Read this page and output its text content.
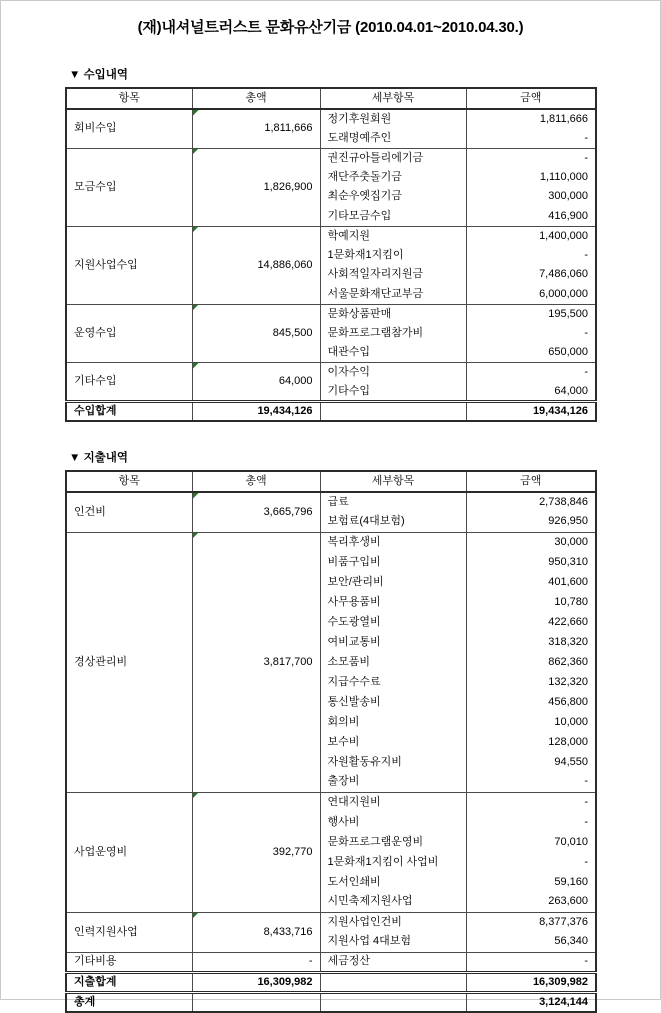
(재)내셔널트러스트 문화유산기금 (2010.04.01~2010.04.30.)
▼ 수입내역
항목	총액	세부항목	금액
회비수입	1,811,666	정기후원회원	1,811,666
		도래명예주인	-
모금수입	1,826,900	권진규아틀리에기금	-
		재단주춧돌기금	1,110,000
		최순우옛집기금	300,000
		기타모금수입	416,900
지원사업수입	14,886,060	학예지원	1,400,000
		1문화재1지킴이	-
		사회적일자리지원금	7,486,060
		서울문화재단교부금	6,000,000
운영수입	845,500	문화상품판매	195,500
		문화프로그램참가비	-
		대관수입	650,000
기타수입	64,000	이자수익	-
		기타수입	64,000
수입합계	19,434,126		19,434,126
▼ 지출내역
항목	총액	세부항목	금액
인건비	3,665,796	급료	2,738,846
		보험료(4대보험)	926,950
경상관리비	3,817,700	복리후생비	30,000
		비품구입비	950,310
		보안/관리비	401,600
		사무용품비	10,780
		수도광열비	422,660
		여비교통비	318,320
		소모품비	862,360
		지급수수료	132,320
		통신발송비	456,800
		회의비	10,000
		보수비	128,000
		자원활동유지비	94,550
		출장비	-
사업운영비	392,770	연대지원비	-
		행사비	-
		문화프로그램운영비	70,010
		1문화재1지킴이 사업비	-
		도서인쇄비	59,160
		시민축제지원사업	263,600
인력지원사업	8,433,716	지원사업인건비	8,377,376
		지원사업 4대보험	56,340
기타비용	-	세금정산	-
지출합계	16,309,982		16,309,982
총계			3,124,144
